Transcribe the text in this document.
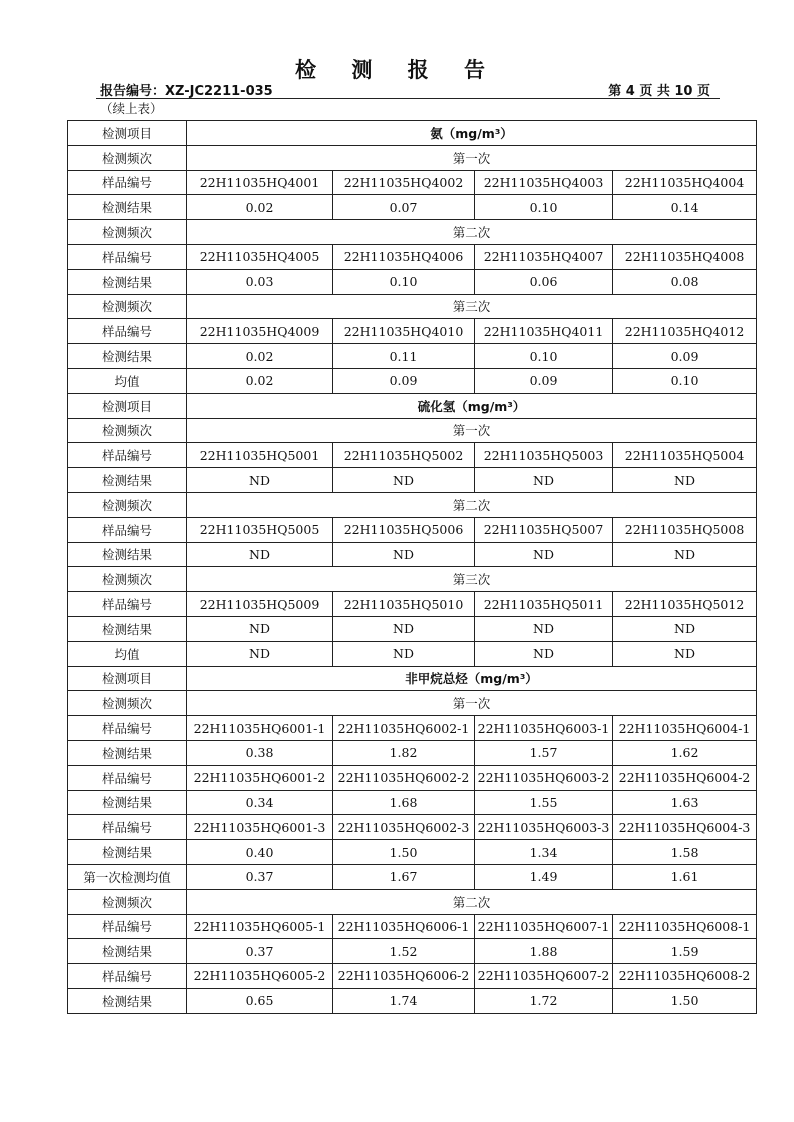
检 测 报 告
报告编号：XZ-JC2211-035	第 4 页 共 10 页
（续上表）
检测项目	氨（mg/m³）			
检测频次	第一次			
样品编号	22H11035HQ4001	22H11035HQ4002	22H11035HQ4003	22H11035HQ4004
检测结果	0.02	0.07	0.10	0.14
检测频次	第二次			
样品编号	22H11035HQ4005	22H11035HQ4006	22H11035HQ4007	22H11035HQ4008
检测结果	0.03	0.10	0.06	0.08
检测频次	第三次			
样品编号	22H11035HQ4009	22H11035HQ4010	22H11035HQ4011	22H11035HQ4012
检测结果	0.02	0.11	0.10	0.09
均值	0.02	0.09	0.09	0.10
检测项目	硫化氢（mg/m³）			
检测频次	第一次			
样品编号	22H11035HQ5001	22H11035HQ5002	22H11035HQ5003	22H11035HQ5004
检测结果	ND	ND	ND	ND
检测频次	第二次			
样品编号	22H11035HQ5005	22H11035HQ5006	22H11035HQ5007	22H11035HQ5008
检测结果	ND	ND	ND	ND
检测频次	第三次			
样品编号	22H11035HQ5009	22H11035HQ5010	22H11035HQ5011	22H11035HQ5012
检测结果	ND	ND	ND	ND
均值	ND	ND	ND	ND
检测项目	非甲烷总烃（mg/m³）			
检测频次	第一次			
样品编号	22H11035HQ6001-1	22H11035HQ6002-1	22H11035HQ6003-1	22H11035HQ6004-1
检测结果	0.38	1.82	1.57	1.62
样品编号	22H11035HQ6001-2	22H11035HQ6002-2	22H11035HQ6003-2	22H11035HQ6004-2
检测结果	0.34	1.68	1.55	1.63
样品编号	22H11035HQ6001-3	22H11035HQ6002-3	22H11035HQ6003-3	22H11035HQ6004-3
检测结果	0.40	1.50	1.34	1.58
第一次检测均值	0.37	1.67	1.49	1.61
检测频次	第二次			
样品编号	22H11035HQ6005-1	22H11035HQ6006-1	22H11035HQ6007-1	22H11035HQ6008-1
检测结果	0.37	1.52	1.88	1.59
样品编号	22H11035HQ6005-2	22H11035HQ6006-2	22H11035HQ6007-2	22H11035HQ6008-2
检测结果	0.65	1.74	1.72	1.50
